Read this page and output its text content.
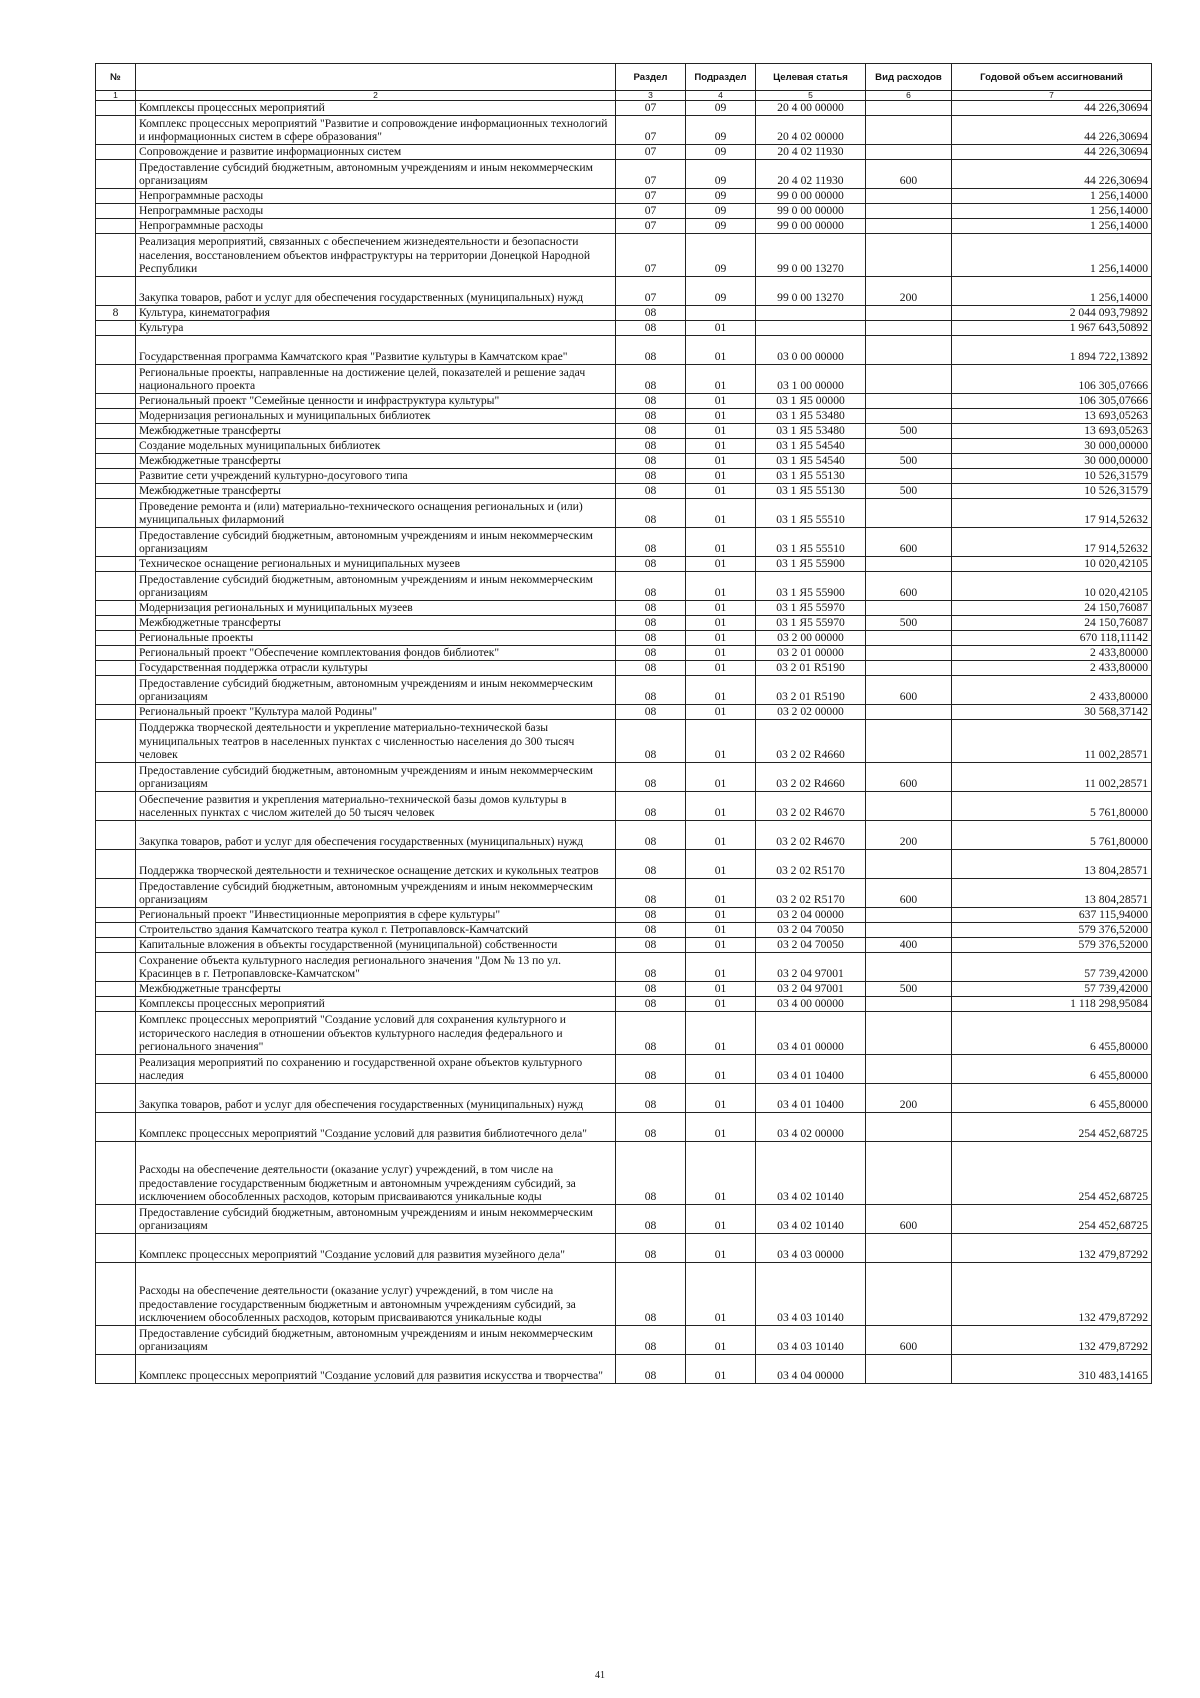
№		Раздел	Подраздел	Целевая статья	Вид расходов	Годовой объем ассигнований
1	2	3	4	5	6	7
	Комплексы процессных мероприятий	07	09	20 4 00 00000		44 226,30694
	Комплекс процессных мероприятий "Развитие и сопровождение информационных технологий и информационных систем в сфере образования"	07	09	20 4 02 00000		44 226,30694
	Сопровождение и развитие информационных систем	07	09	20 4 02 11930		44 226,30694
	Предоставление субсидий бюджетным, автономным учреждениям и иным некоммерческим организациям	07	09	20 4 02 11930	600	44 226,30694
	Непрограммные расходы	07	09	99 0 00 00000		1 256,14000
	Непрограммные расходы	07	09	99 0 00 00000		1 256,14000
	Непрограммные расходы	07	09	99 0 00 00000		1 256,14000
	Реализация мероприятий, связанных с обеспечением жизнедеятельности и безопасности населения, восстановлением объектов инфраструктуры на территории Донецкой Народной Республики	07	09	99 0 00 13270		1 256,14000
	Закупка товаров, работ и услуг для обеспечения государственных (муниципальных) нужд	07	09	99 0 00 13270	200	1 256,14000
8	Культура, кинематография	08				2 044 093,79892
	Культура	08	01			1 967 643,50892
	Государственная программа Камчатского края "Развитие культуры в Камчатском крае"	08	01	03 0 00 00000		1 894 722,13892
	Региональные проекты, направленные на достижение целей, показателей и решение задач национального проекта	08	01	03 1 00 00000		106 305,07666
	Региональный проект "Семейные ценности и инфраструктура культуры"	08	01	03 1 Я5 00000		106 305,07666
	Модернизация региональных и муниципальных библиотек	08	01	03 1 Я5 53480		13 693,05263
	Межбюджетные трансферты	08	01	03 1 Я5 53480	500	13 693,05263
	Создание модельных муниципальных библиотек	08	01	03 1 Я5 54540		30 000,00000
	Межбюджетные трансферты	08	01	03 1 Я5 54540	500	30 000,00000
	Развитие сети учреждений культурно-досугового типа	08	01	03 1 Я5 55130		10 526,31579
	Межбюджетные трансферты	08	01	03 1 Я5 55130	500	10 526,31579
	Проведение ремонта и (или) материально-технического оснащения региональных и (или) муниципальных филармоний	08	01	03 1 Я5 55510		17 914,52632
	Предоставление субсидий бюджетным, автономным учреждениям и иным некоммерческим организациям	08	01	03 1 Я5 55510	600	17 914,52632
	Техническое оснащение региональных и муниципальных музеев	08	01	03 1 Я5 55900		10 020,42105
	Предоставление субсидий бюджетным, автономным учреждениям и иным некоммерческим организациям	08	01	03 1 Я5 55900	600	10 020,42105
	Модернизация региональных и муниципальных музеев	08	01	03 1 Я5 55970		24 150,76087
	Межбюджетные трансферты	08	01	03 1 Я5 55970	500	24 150,76087
	Региональные проекты	08	01	03 2 00 00000		670 118,11142
	Региональный проект "Обеспечение комплектования фондов библиотек"	08	01	03 2 01 00000		2 433,80000
	Государственная поддержка отрасли культуры	08	01	03 2 01 R5190		2 433,80000
	Предоставление субсидий бюджетным, автономным учреждениям и иным некоммерческим организациям	08	01	03 2 01 R5190	600	2 433,80000
	Региональный проект "Культура малой Родины"	08	01	03 2 02 00000		30 568,37142
	Поддержка творческой деятельности и укрепление материально-технической базы муниципальных театров в населенных пунктах с численностью населения до 300 тысяч человек	08	01	03 2 02 R4660		11 002,28571
	Предоставление субсидий бюджетным, автономным учреждениям и иным некоммерческим организациям	08	01	03 2 02 R4660	600	11 002,28571
	Обеспечение развития и укрепления материально-технической базы домов культуры в населенных пунктах с числом жителей до 50 тысяч человек	08	01	03 2 02 R4670		5 761,80000
	Закупка товаров, работ и услуг для обеспечения государственных (муниципальных) нужд	08	01	03 2 02 R4670	200	5 761,80000
	Поддержка творческой деятельности и техническое оснащение детских и кукольных театров	08	01	03 2 02 R5170		13 804,28571
	Предоставление субсидий бюджетным, автономным учреждениям и иным некоммерческим организациям	08	01	03 2 02 R5170	600	13 804,28571
	Региональный проект "Инвестиционные мероприятия в сфере культуры"	08	01	03 2 04 00000		637 115,94000
	Строительство здания Камчатского театра кукол г. Петропавловск-Камчатский	08	01	03 2 04 70050		579 376,52000
	Капитальные вложения в объекты государственной (муниципальной) собственности	08	01	03 2 04 70050	400	579 376,52000
	Сохранение объекта культурного наследия регионального значения "Дом № 13 по ул. Красинцев в г. Петропавловске-Камчатском"	08	01	03 2 04 97001		57 739,42000
	Межбюджетные трансферты	08	01	03 2 04 97001	500	57 739,42000
	Комплексы процессных мероприятий	08	01	03 4 00 00000		1 118 298,95084
	Комплекс процессных мероприятий "Создание условий для сохранения культурного и исторического наследия в отношении объектов культурного наследия федерального и регионального значения"	08	01	03 4 01 00000		6 455,80000
	Реализация мероприятий по сохранению и государственной охране объектов культурного наследия	08	01	03 4 01 10400		6 455,80000
	Закупка товаров, работ и услуг для обеспечения государственных (муниципальных) нужд	08	01	03 4 01 10400	200	6 455,80000
	Комплекс процессных мероприятий "Создание условий для развития библиотечного дела"	08	01	03 4 02 00000		254 452,68725
	Расходы на обеспечение деятельности (оказание услуг) учреждений, в том числе на предоставление государственным бюджетным и автономным учреждениям субсидий, за исключением обособленных расходов, которым присваиваются уникальные коды	08	01	03 4 02 10140		254 452,68725
	Предоставление субсидий бюджетным, автономным учреждениям и иным некоммерческим организациям	08	01	03 4 02 10140	600	254 452,68725
	Комплекс процессных мероприятий "Создание условий для развития музейного дела"	08	01	03 4 03 00000		132 479,87292
	Расходы на обеспечение деятельности (оказание услуг) учреждений, в том числе на предоставление государственным бюджетным и автономным учреждениям субсидий, за исключением обособленных расходов, которым присваиваются уникальные коды	08	01	03 4 03 10140		132 479,87292
	Предоставление субсидий бюджетным, автономным учреждениям и иным некоммерческим организациям	08	01	03 4 03 10140	600	132 479,87292
	Комплекс процессных мероприятий "Создание условий для развития искусства и творчества"	08	01	03 4 04 00000		310 483,14165
41
